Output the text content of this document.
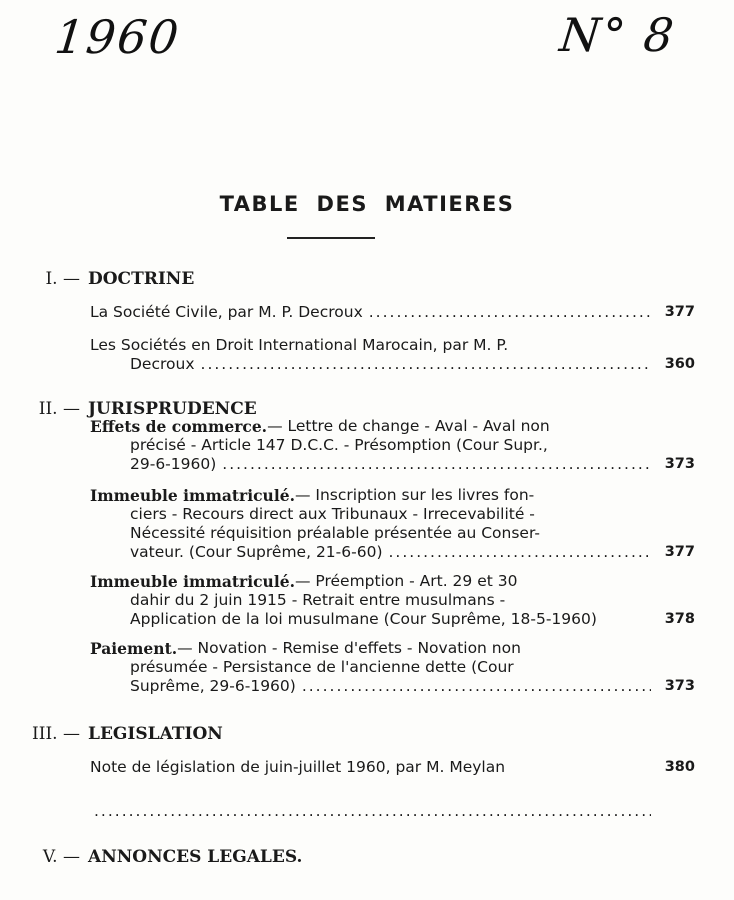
1960	N° 8
TABLE DES MATIERES
I. — DOCTRINE
La Société Civile, par M. P. Decroux .....	377
Les Sociétés en Droit International Marocain, par M. P.
Decroux .....	360
II. — JURISPRUDENCE
Effets de commerce. — Lettre de change - Aval - Aval non
précisé - Article 147 D.C.C. - Présomption (Cour Supr.,
29-6-1960) .....	373
Immeuble immatriculé. — Inscription sur les livres fon-
ciers - Recours direct aux Tribunaux - Irrecevabilité -
Nécessité réquisition préalable présentée au Conser-
vateur. (Cour Suprême, 21-6-60) .....	377
Immeuble immatriculé. — Préemption - Art. 29 et 30
dahir du 2 juin 1915 - Retrait entre musulmans -
Application de la loi musulmane (Cour Suprême, 18-5-1960)	378
Paiement. — Novation - Remise d'effets - Novation non
présumée - Persistance de l'ancienne dette (Cour
Suprême, 29-6-1960) .....	373
III. — LEGISLATION
Note de législation de juin-juillet 1960, par M. Meylan	380
.....
V. — ANNONCES LEGALES.
